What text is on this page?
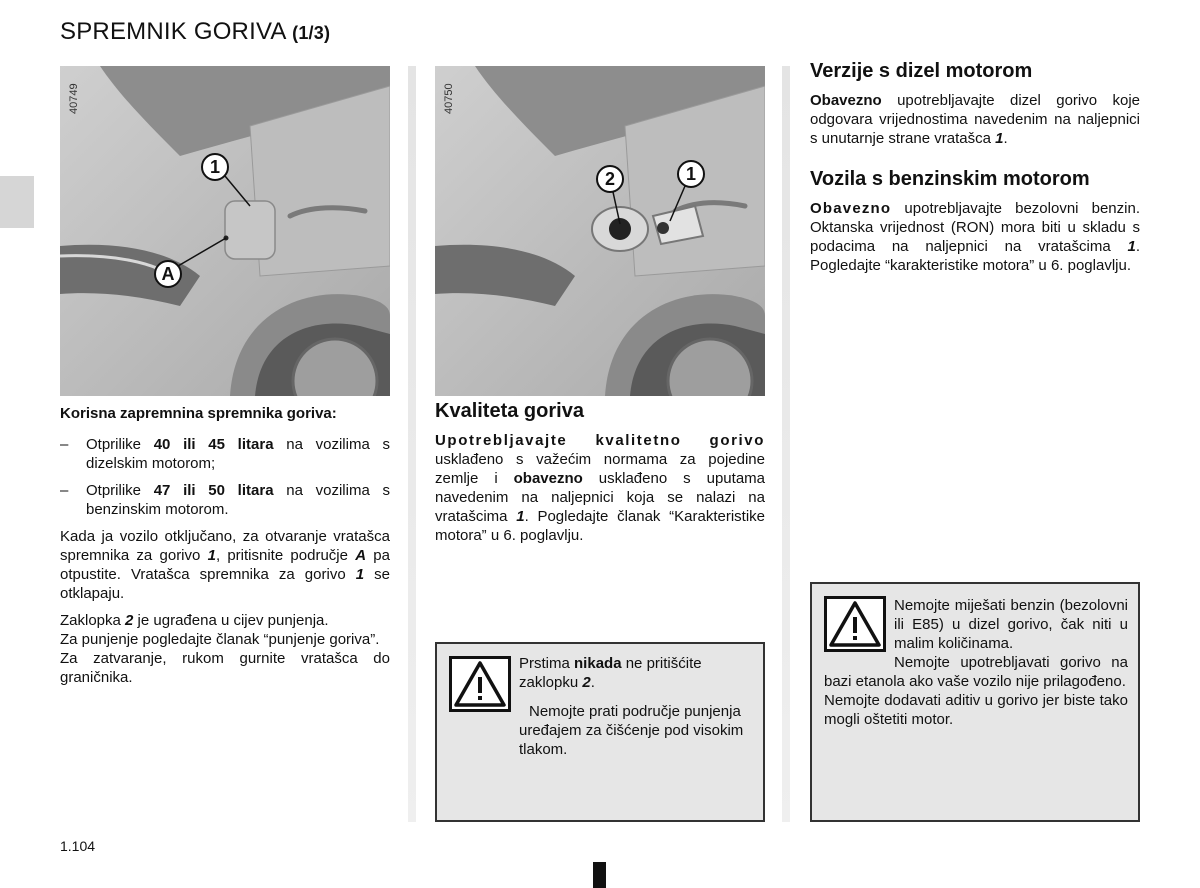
SPREMNIK GORIVA (1/3)
40749
1
A
40750
2	1

Korisna zapremnina spremnika goriva:

– Otprilike 40 ili 45 litara na vozilima s dizelskim motorom;
– Otprilike 47 ili 50 litara na vozilima s benzinskim motorom.

Kada ja vozilo otključano, za otvaranje vratašca spremnika za gorivo 1, pritisnite područje A pa otpustite. Vratašca spremnika za gorivo 1 se otklapaju.

Zaklopka 2 je ugrađena u cijev punjenja.

Za punjenje pogledajte članak “punjenje goriva”.

Za zatvaranje, rukom gurnite vratašca do graničnika.

Kvaliteta goriva

Upotrebljavajte kvalitetno gorivo usklađeno s važećim normama za pojedine zemlje i obavezno usklađeno s uputama navedenim na naljepnici koja se nalazi na vratašcima 1. Pogledajte članak “Karakteristike motora” u 6. poglavlju.

Prstima nikada ne pritišćite zaklopku 2.

Nemojte prati područje punjenja uređajem za čišćenje pod visokim tlakom.

Verzije s dizel motorom

Obavezno upotrebljavajte dizel gorivo koje odgovara vrijednostima navedenim na naljepnici s unutarnje strane vratašca 1.

Vozila s benzinskim motorom

Obavezno upotrebljavajte bezolovni benzin. Oktanska vrijednost (RON) mora biti u skladu s podacima na naljepnici na vratašcima 1. Pogledajte “karakteristike motora” u 6. poglavlju.

Nemojte miješati benzin (bezolovni ili E85) u dizel gorivo, čak niti u malim količinama.

Nemojte upotrebljavati gorivo na bazi etanola ako vaše vozilo nije prilagođeno.

Nemojte dodavati aditiv u gorivo jer biste tako mogli oštetiti motor.

1.104
